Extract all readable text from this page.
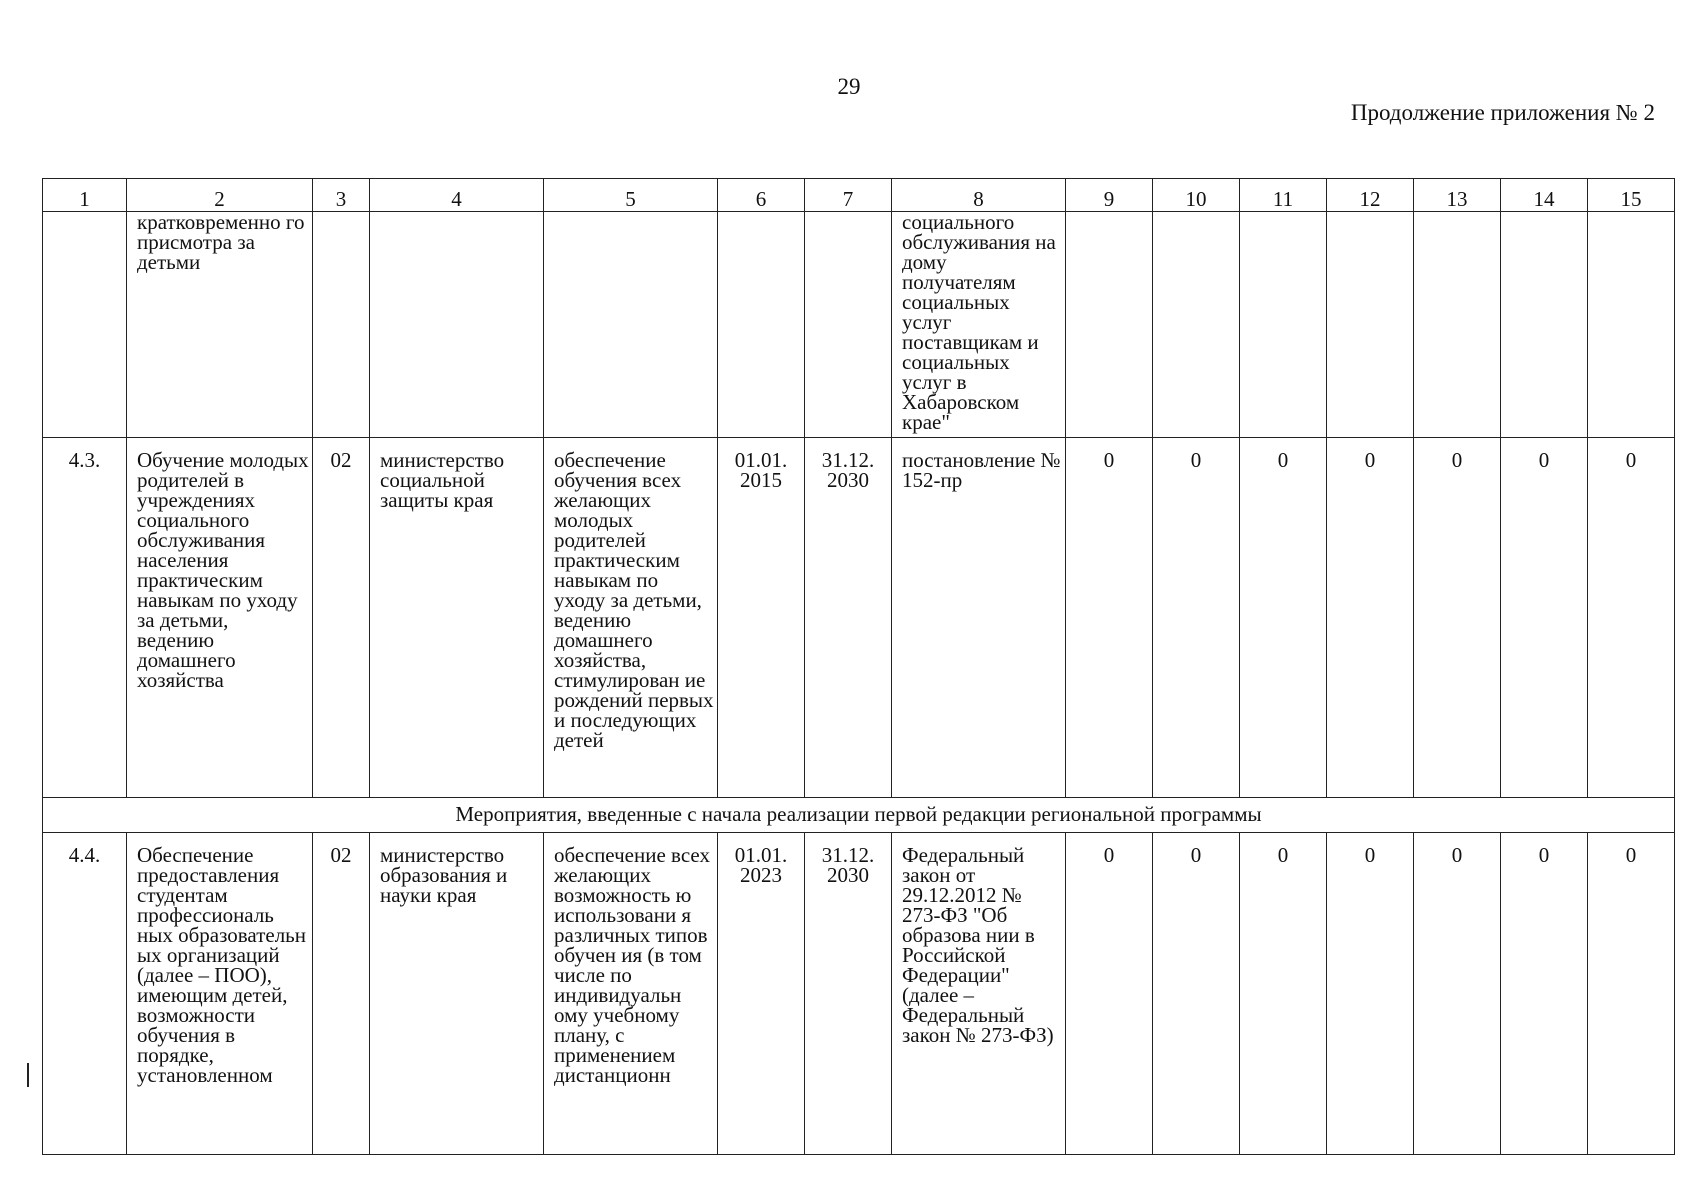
29
Продолжение приложения № 2
1	2	3	4	5	6	7	8	9	10	11	12	13	14	15
	кратковременно го присмотра за детьми						социального обслуживания на дому получателям социальных услуг поставщикам и социальных услуг в Хабаровском крае"							
4.3.	Обучение молодых родителей в учреждениях социального обслуживания населения практическим навыкам по уходу за детьми, ведению домашнего хозяйства	02	министерство социальной защиты края	обеспечение обучения всех желающих молодых родителей практическим навыкам по уходу за детьми, ведению домашнего хозяйства, стимулирован ие рождений первых и последующих детей	01.01. 2015	31.12. 2030	постановление № 152-пр	0	0	0	0	0	0	0
Мероприятия, введенные с начала реализации первой редакции региональной программы														
4.4.	Обеспечение предоставления студентам профессиональ ных образовательн ых организаций (далее – ПОО), имеющим детей, возможности обучения в порядке, установленном	02	министерство образования и науки края	обеспечение всех желающих возможность ю использовани я различных типов обучен ия (в том числе по индивидуальн ому учебному плану, с применением дистанционн	01.01. 2023	31.12. 2030	Федеральный закон от 29.12.2012 № 273-ФЗ "Об образова нии в Российской Федерации" (далее – Федеральный закон № 273-ФЗ)	0	0	0	0	0	0	0
